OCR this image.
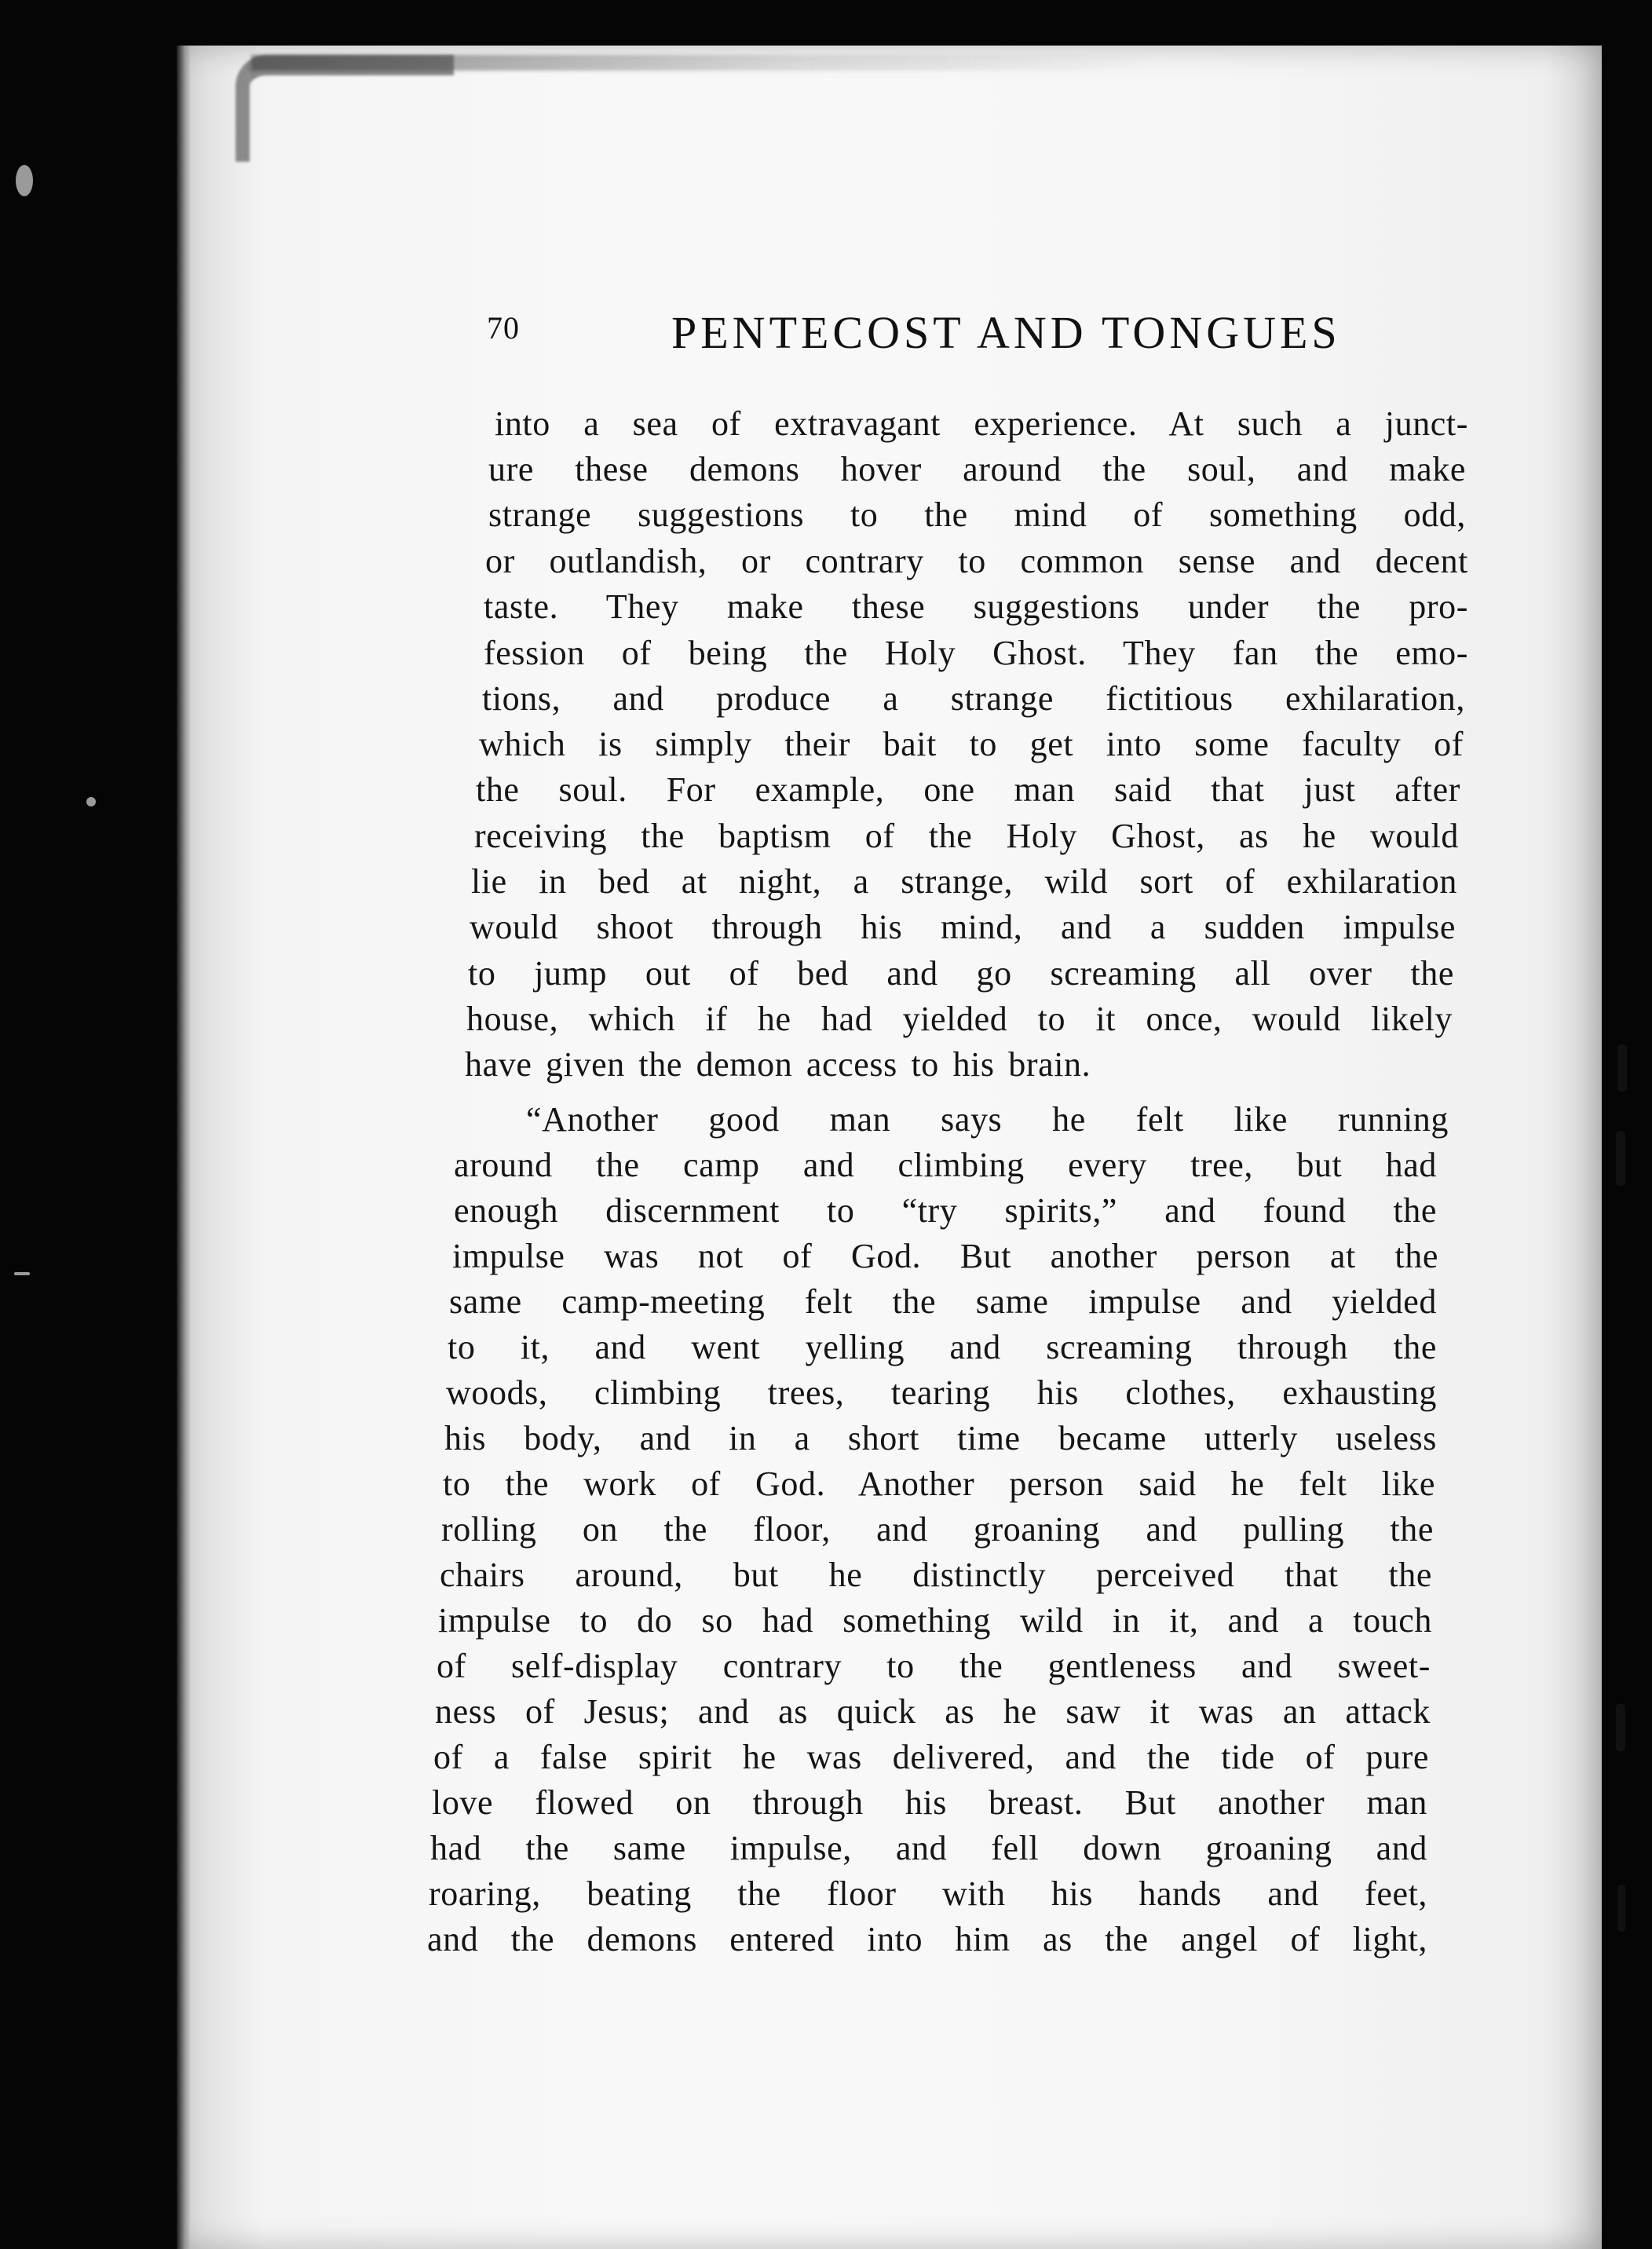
70	PENTECOST AND TONGUES
into a sea of extravagant experience. At such a junct-
ure these demons hover around the soul, and make
strange suggestions to the mind of something odd,
or outlandish, or contrary to common sense and decent
taste. They make these suggestions under the pro-
fession of being the Holy Ghost. They fan the emo-
tions, and produce a strange fictitious exhilaration,
which is simply their bait to get into some faculty of
the soul. For example, one man said that just after
receiving the baptism of the Holy Ghost, as he would
lie in bed at night, a strange, wild sort of exhilaration
would shoot through his mind, and a sudden impulse
to jump out of bed and go screaming all over the
house, which if he had yielded to it once, would likely
have given the demon access to his brain.
“Another good man says he felt like running
around the camp and climbing every tree, but had
enough discernment to “try spirits,” and found the
impulse was not of God. But another person at the
same camp-meeting felt the same impulse and yielded
to it, and went yelling and screaming through the
woods, climbing trees, tearing his clothes, exhausting
his body, and in a short time became utterly useless
to the work of God. Another person said he felt like
rolling on the floor, and groaning and pulling the
chairs around, but he distinctly perceived that the
impulse to do so had something wild in it, and a touch
of self-display contrary to the gentleness and sweet-
ness of Jesus; and as quick as he saw it was an attack
of a false spirit he was delivered, and the tide of pure
love flowed on through his breast. But another man
had the same impulse, and fell down groaning and
roaring, beating the floor with his hands and feet,
and the demons entered into him as the angel of light,
